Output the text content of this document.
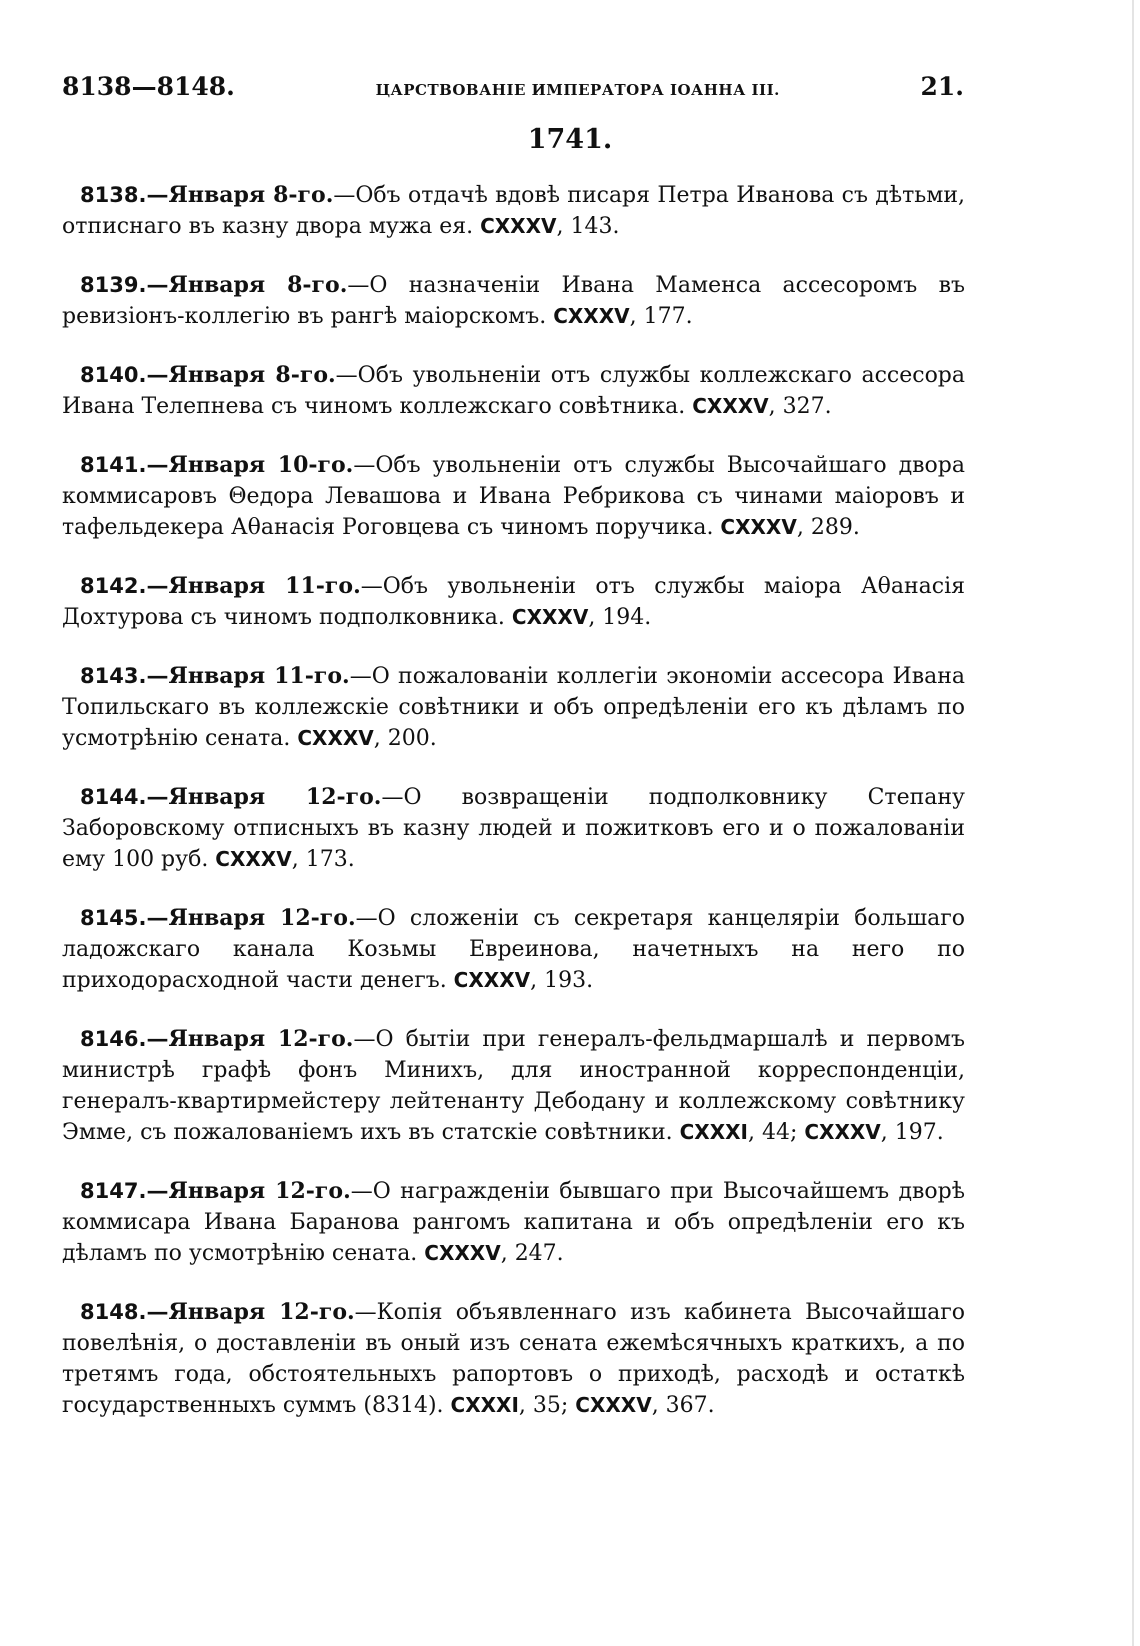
8138—8148.	ЦАРСТВОВАНІЕ ИМПЕРАТОРА ІОАННА III.	21.
1741.

8138.—Января 8-го.—Объ отдачѣ вдовѣ писаря Петра Иванова съ дѣтьми, отписнаго въ казну двора мужа ея. CXXXV, 143.

8139.—Января 8-го.—О назначеніи Ивана Маменса ассесоромъ въ ревизіонъ-коллегію въ рангѣ маіорскомъ. CXXXV, 177.

8140.—Января 8-го.—Объ увольненіи отъ службы коллежскаго ассесора Ивана Телепнева съ чиномъ коллежскаго совѣтника. CXXXV, 327.

8141.—Января 10-го.—Объ увольненіи отъ службы Высочайшаго двора коммисаровъ Θедора Левашова и Ивана Ребрикова съ чинами маіоровъ и тафельдекера Аθанасія Роговцева съ чиномъ поручика. CXXXV, 289.

8142.—Января 11-го.—Объ увольненіи отъ службы маіора Аθанасія Дохтурова съ чиномъ подполковника. CXXXV, 194.

8143.—Января 11-го.—О пожалованіи коллегіи экономіи ассесора Ивана Топильскаго въ коллежскіе совѣтники и объ опредѣленіи его къ дѣламъ по усмотрѣнію сената. CXXXV, 200.

8144.—Января 12-го.—О возвращеніи подполковнику Степану Заборовскому отписныхъ въ казну людей и пожитковъ его и о пожалованіи ему 100 руб. CXXXV, 173.

8145.—Января 12-го.—О сложеніи съ секретаря канцеляріи большаго ладожскаго канала Козьмы Евреинова, начетныхъ на него по приходорасходной части денегъ. CXXXV, 193.

8146.—Января 12-го.—О бытіи при генералъ-фельдмаршалѣ и первомъ министрѣ графѣ фонъ Минихъ, для иностранной корреспонденціи, генералъ-квартирмейстеру лейтенанту Дебодану и коллежскому совѣтнику Эмме, съ пожалованіемъ ихъ въ статскіе совѣтники. CXXXI, 44; CXXXV, 197.

8147.—Января 12-го.—О награжденіи бывшаго при Высочайшемъ дворѣ коммисара Ивана Баранова рангомъ капитана и объ опредѣленіи его къ дѣламъ по усмотрѣнію сената. CXXXV, 247.

8148.—Января 12-го.—Копія объявленнаго изъ кабинета Высочайшаго повелѣнія, о доставленіи въ оный изъ сената ежемѣсячныхъ краткихъ, а по третямъ года, обстоятельныхъ рапортовъ о приходѣ, расходѣ и остаткѣ государственныхъ суммъ (8314). CXXXI, 35; CXXXV, 367.
